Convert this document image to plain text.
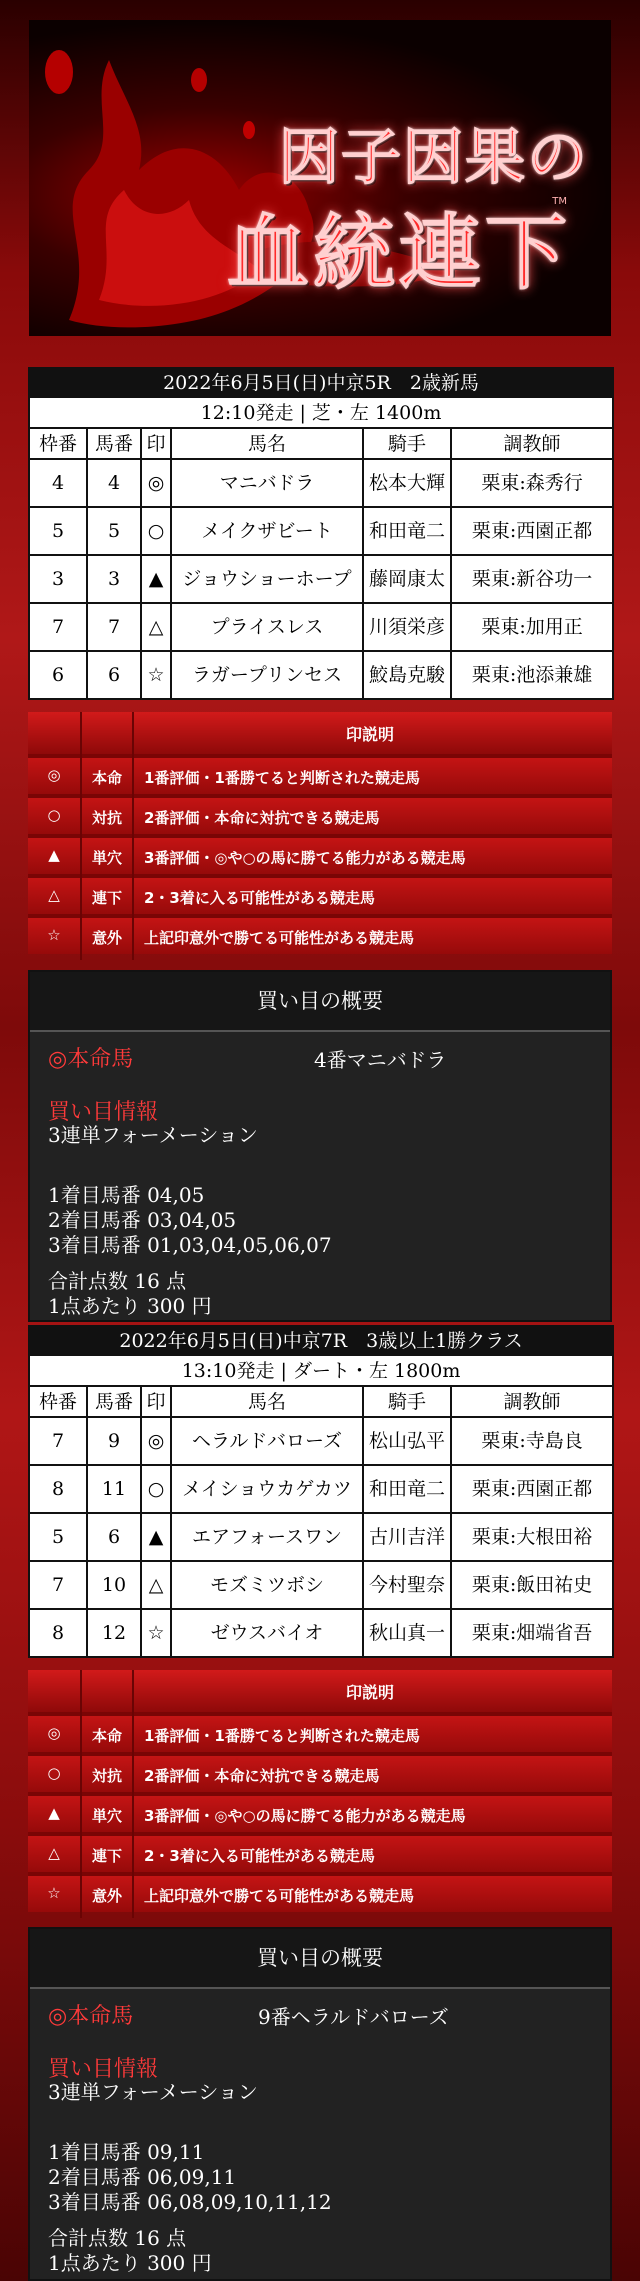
因子因果の
血統連下
TM
2022年6月5日(日)中京5R　2歳新馬					
12:10発走 | 芝・左 1400m					
枠番	馬番	印	馬名	騎手	調教師
4	4	◎	マニバドラ	松本大輝	栗東:森秀行
5	5	○	メイクザビート	和田竜二	栗東:西園正都
3	3	▲	ジョウショーホープ	藤岡康太	栗東:新谷功一
7	7	△	プライスレス	川須栄彦	栗東:加用正
6	6	☆	ラガープリンセス	鮫島克駿	栗東:池添兼雄
印説明
◎	本命	1番評価・1番勝てると判断された競走馬
○	対抗	2番評価・本命に対抗できる競走馬
▲	単穴	3番評価・◎や○の馬に勝てる能力がある競走馬
△	連下	2・3着に入る可能性がある競走馬
☆	意外	上記印意外で勝てる可能性がある競走馬
買い目の概要
◎本命馬	4番マニバドラ
買い目情報
3連単フォーメーション
1着目馬番 04,05
2着目馬番 03,04,05
3着目馬番 01,03,04,05,06,07
合計点数 16 点
1点あたり 300 円
2022年6月5日(日)中京7R　3歳以上1勝クラス					
13:10発走 | ダート・左 1800m					
枠番	馬番	印	馬名	騎手	調教師
7	9	◎	ヘラルドバローズ	松山弘平	栗東:寺島良
8	11	○	メイショウカゲカツ	和田竜二	栗東:西園正都
5	6	▲	エアフォースワン	古川吉洋	栗東:大根田裕
7	10	△	モズミツボシ	今村聖奈	栗東:飯田祐史
8	12	☆	ゼウスバイオ	秋山真一	栗東:畑端省吾
印説明
◎	本命	1番評価・1番勝てると判断された競走馬
○	対抗	2番評価・本命に対抗できる競走馬
▲	単穴	3番評価・◎や○の馬に勝てる能力がある競走馬
△	連下	2・3着に入る可能性がある競走馬
☆	意外	上記印意外で勝てる可能性がある競走馬
買い目の概要
◎本命馬	9番ヘラルドバローズ
買い目情報
3連単フォーメーション
1着目馬番 09,11
2着目馬番 06,09,11
3着目馬番 06,08,09,10,11,12
合計点数 16 点
1点あたり 300 円
